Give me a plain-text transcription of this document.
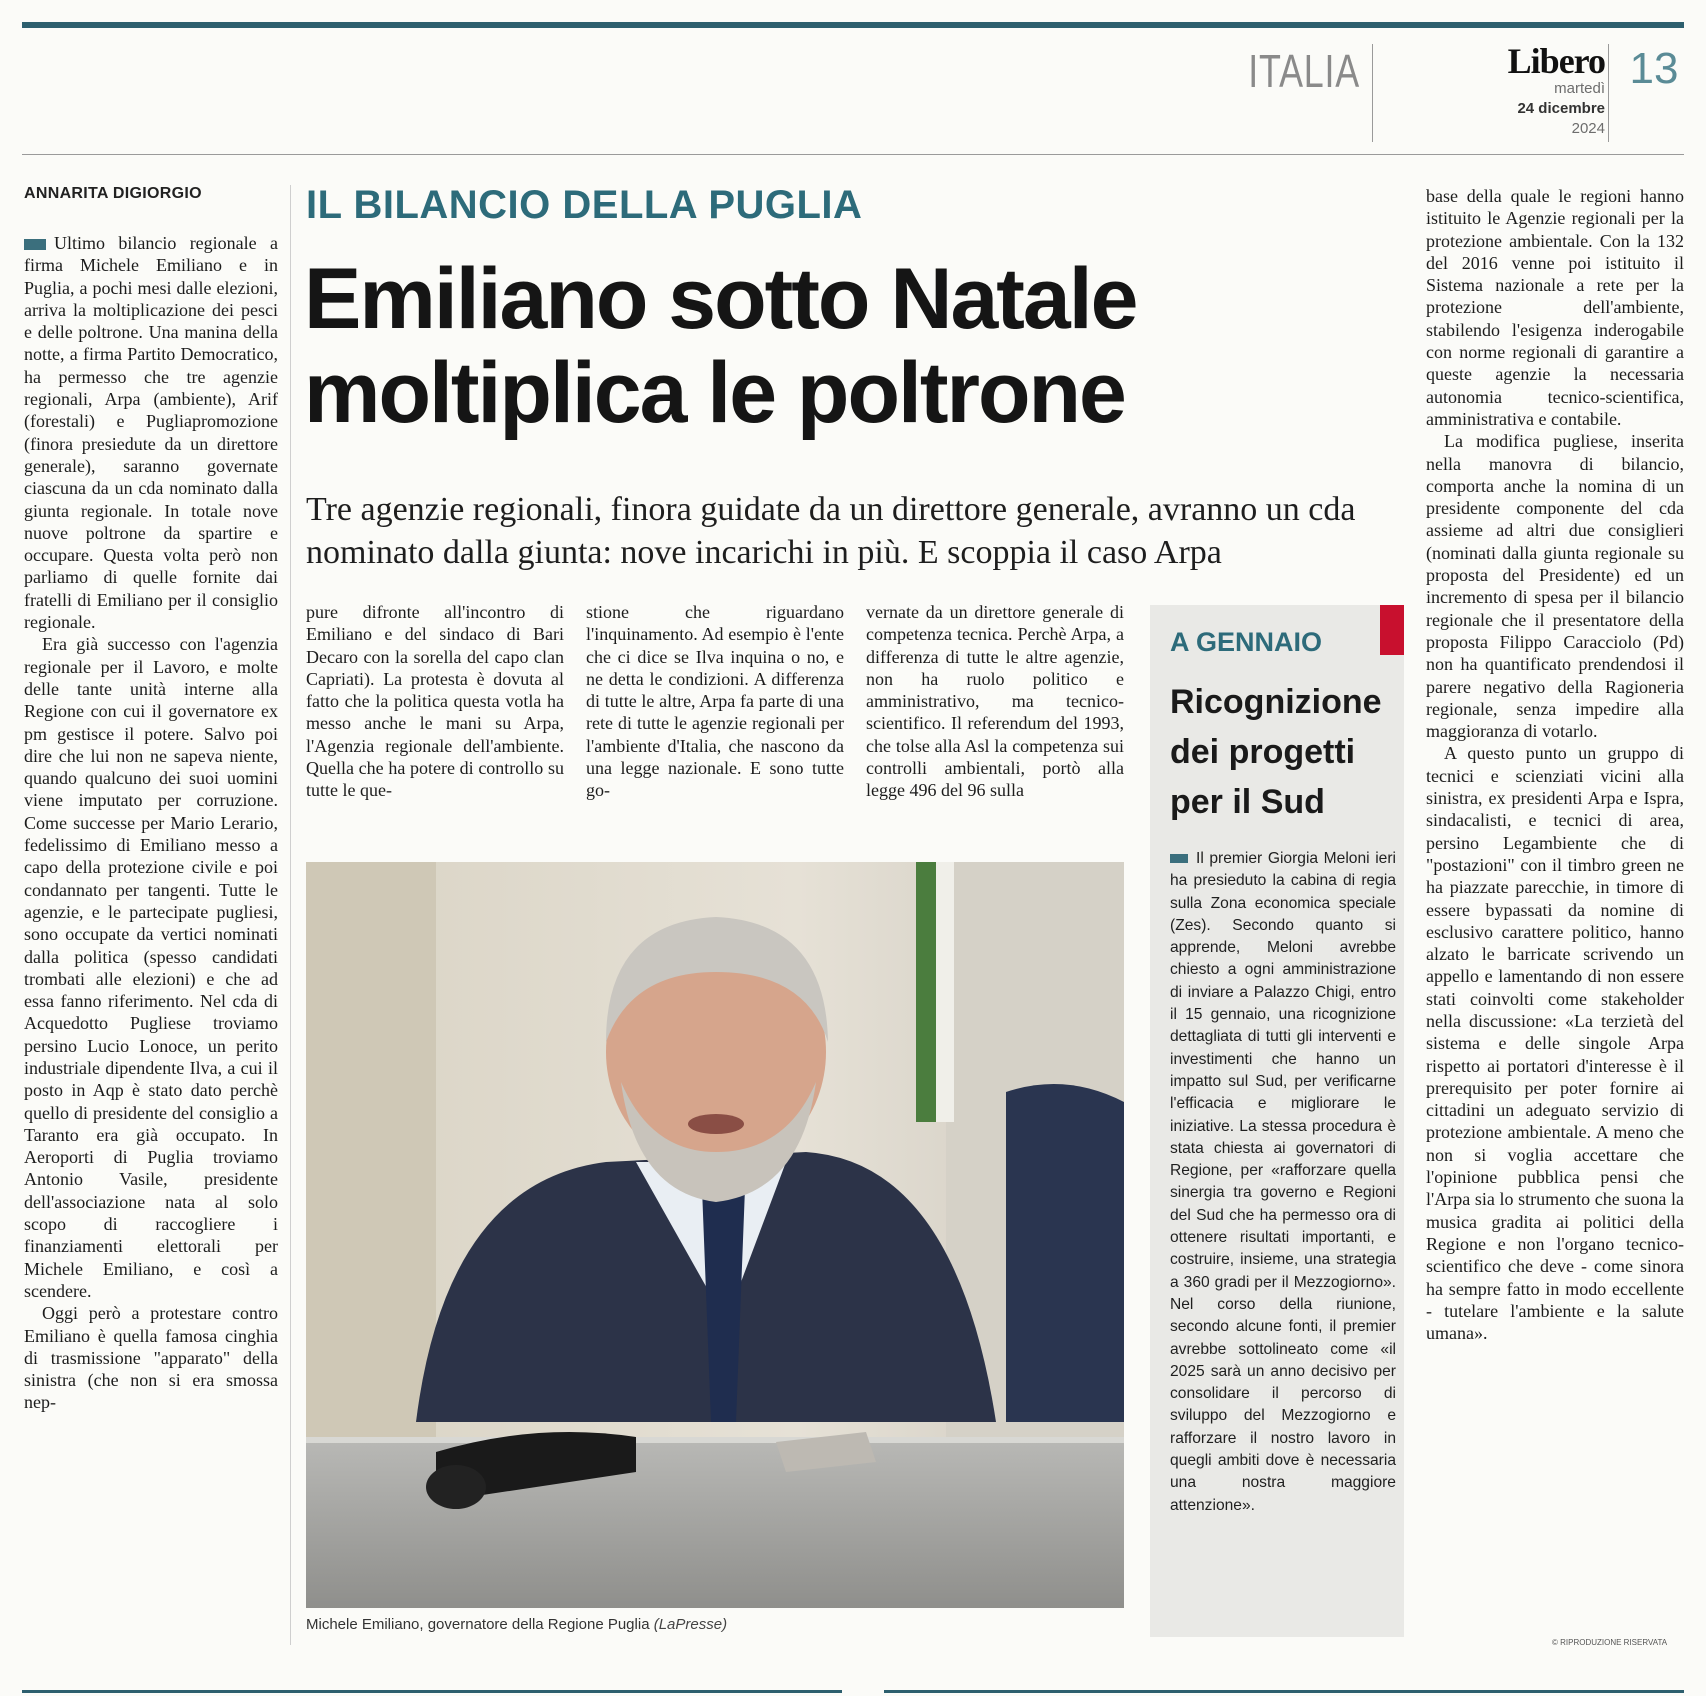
ITALIA	Libero
martedì
24 dicembre
2024
13
ANNARITA DIGIORGIO	IL BILANCIO DELLA PUGLIA
Emiliano sotto Natale
moltiplica le poltrone
Tre agenzie regionali, finora guidate da un direttore generale, avranno un cda nominato dalla giunta: nove incarichi in più. E scoppia il caso Arpa

Ultimo bilancio regionale a firma Michele Emiliano e in Puglia, a pochi mesi dalle elezioni, arriva la moltiplicazione dei pesci e delle poltrone. Una manina della notte, a firma Partito Democratico, ha permesso che tre agenzie regionali, Arpa (ambiente), Arif (forestali) e Pugliapromozione (finora presiedute da un direttore generale), saranno governate ciascuna da un cda nominato dalla giunta regionale. In totale nove nuove poltrone da spartire e occupare. Questa volta però non parliamo di quelle fornite dai fratelli di Emiliano per il consiglio regionale.

Era già successo con l'agenzia regionale per il Lavoro, e molte delle tante unità interne alla Regione con cui il governatore ex pm gestisce il potere. Salvo poi dire che lui non ne sapeva niente, quando qualcuno dei suoi uomini viene imputato per corruzione. Come successe per Mario Lerario, fedelissimo di Emiliano messo a capo della protezione civile e poi condannato per tangenti. Tutte le agenzie, e le partecipate pugliesi, sono occupate da vertici nominati dalla politica (spesso candidati trombati alle elezioni) e che ad essa fanno riferimento. Nel cda di Acquedotto Pugliese troviamo persino Lucio Lonoce, un perito industriale dipendente Ilva, a cui il posto in Aqp è stato dato perchè quello di presidente del consiglio a Taranto era già occupato. In Aeroporti di Puglia troviamo Antonio Vasile, presidente dell'associazione nata al solo scopo di raccogliere i finanziamenti elettorali per Michele Emiliano, e così a scendere.

Oggi però a protestare contro Emiliano è quella famosa cinghia di trasmissione "apparato" della sinistra (che non si era smossa nep-

pure difronte all'incontro di Emiliano e del sindaco di Bari Decaro con la sorella del capo clan Capriati). La protesta è dovuta al fatto che la politica questa votla ha messo anche le mani su Arpa, l'Agenzia regionale dell'ambiente. Quella che ha potere di controllo su tutte le que-

stione che riguardano l'inquinamento. Ad esempio è l'ente che ci dice se Ilva inquina o no, e ne detta le condizioni. A differenza di tutte le altre, Arpa fa parte di una rete di tutte le agenzie regionali per l'ambiente d'Italia, che nascono da una legge nazionale. E sono tutte go-

vernate da un direttore generale di competenza tecnica. Perchè Arpa, a differenza di tutte le altre agenzie, non ha ruolo politico e amministrativo, ma tecnico-scientifico. Il referendum del 1993, che tolse alla Asl la competenza sui controlli ambientali, portò alla legge 496 del 96 sulla

Michele Emiliano, governatore della Regione Puglia (LaPresse)
A GENNAIO
Ricognizione dei progetti per il Sud
Il premier Giorgia Meloni ieri ha presieduto la cabina di regia sulla Zona economica speciale (Zes). Secondo quanto si apprende, Meloni avrebbe chiesto a ogni amministrazione di inviare a Palazzo Chigi, entro il 15 gennaio, una ricognizione dettagliata di tutti gli interventi e investimenti che hanno un impatto sul Sud, per verificarne l'efficacia e migliorare le iniziative. La stessa procedura è stata chiesta ai governatori di Regione, per «rafforzare quella sinergia tra governo e Regioni del Sud che ha permesso ora di ottenere risultati importanti, e costruire, insieme, una strategia a 360 gradi per il Mezzogiorno». Nel corso della riunione, secondo alcune fonti, il premier avrebbe sottolineato come «il 2025 sarà un anno decisivo per consolidare il percorso di sviluppo del Mezzogiorno e rafforzare il nostro lavoro in quegli ambiti dove è necessaria una nostra maggiore attenzione».

base della quale le regioni hanno istituito le Agenzie regionali per la protezione ambientale. Con la 132 del 2016 venne poi istituito il Sistema nazionale a rete per la protezione dell'ambiente, stabilendo l'esigenza inderogabile con norme regionali di garantire a queste agenzie la necessaria autonomia tecnico-scientifica, amministrativa e contabile.

La modifica pugliese, inserita nella manovra di bilancio, comporta anche la nomina di un presidente componente del cda assieme ad altri due consiglieri (nominati dalla giunta regionale su proposta del Presidente) ed un incremento di spesa per il bilancio regionale che il presentatore della proposta Filippo Caracciolo (Pd) non ha quantificato prendendosi il parere negativo della Ragioneria regionale, senza impedire alla maggioranza di votarlo.

A questo punto un gruppo di tecnici e scienziati vicini alla sinistra, ex presidenti Arpa e Ispra, sindacalisti, e tecnici di area, persino Legambiente che di "postazioni" con il timbro green ne ha piazzate parecchie, in timore di essere bypassati da nomine di esclusivo carattere politico, hanno alzato le barricate scrivendo un appello e lamentando di non essere stati coinvolti come stakeholder nella discussione: «La terzietà del sistema e delle singole Arpa rispetto ai portatori d'interesse è il prerequisito per poter fornire ai cittadini un adeguato servizio di protezione ambientale. A meno che non si voglia accettare che l'opinione pubblica pensi che l'Arpa sia lo strumento che suona la musica gradita ai politici della Regione e non l'organo tecnico-scientifico che deve - come sinora ha sempre fatto in modo eccellente - tutelare l'ambiente e la salute umana».

© RIPRODUZIONE RISERVATA
